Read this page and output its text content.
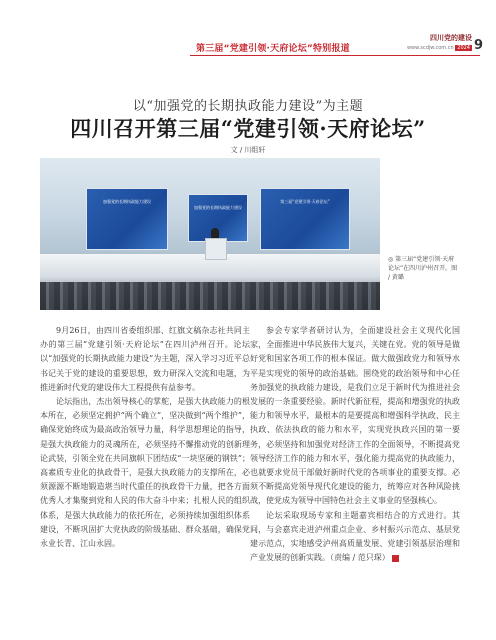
第三届“党建引领·天府论坛”特别报道
四川党的建设
www.scdjw.com.cn 2024 9
以“加强党的长期执政能力建设”为主题
四川召开第三届“党建引领·天府论坛”
文 / 川组轩
加强党的长期执政能力建设
加强党的长期执政能力建设
第三届“党建引领·天府论坛”
◎ 第三届“党建引领·天府论坛”在四川泸州召开。图 / 黄璐

9月26日，由四川省委组织部、红旗文稿杂志社共同主办的第三届“党建引领·天府论坛”在四川泸州召开。论坛以“加强党的长期执政能力建设”为主题，深入学习习近平总书记关于党的建设的重要思想，致力研深入交流和电题，为推进新时代党的建设伟大工程提供有益参考。

论坛指出，杰出领导核心的掌舵，是强大执政能力的根本所在，必须坚定拥护“两个确立”，坚决做到“两个维护”，确保党始终成为最高政治领导力量，科学思想理论的指导，是强大执政能力的灵魂所在，必须坚持不懈推动党的创新理论武装，引领全党在共同旗帜下团结成“一块坚硬的钢铁”；高素质专业化的执政骨干，是强大执政能力的支撑所在，必须源源不断地锻造堪当时代重任的执政骨干力量，把各方面优秀人才集聚到党和人民的伟大奋斗中来；扎根人民的组织体系，是强大执政能力的依托所在，必须持续加强组织体系建设，不断巩固扩大党执政的阶级基础、群众基础，确保党永业长青、江山永固。

参会专家学者研讨认为，全面建设社会主义现代化国家，全面推进中华民族伟大复兴，关键在党。党的领导是做好党和国家各项工作的根本保证。做大做强政党力和领导水平是实现党的领导的政治基础。围绕党的政治领导和中心任务加强党的执政能力建设，是我们立足于新时代为推进社会发展的一条重要经验。新时代新征程，提高和增强党的执政能力和领导水平，最根本的是要提高和增强科学执政、民主执政、依法执政的能力和水平，实现党执政兴国的第一要务，必须坚持和加强党对经济工作的全面领导，不断提高党领导经济工作的能力和水平，强化能力提高党的执政能力，也就要求党员干部做好新时代党的各项事业的重要支撑。必须不断提高党领导现代化建设的能力，统筹应对各种风险挑战，使党成为领导中国特色社会主义事业的坚强核心。

论坛采取现场专家和主题嘉宾相结合的方式进行。其间，与会嘉宾走进泸州重点企业、乡村振兴示范点、基层党建示范点，实地感受泸州高质量发展、党建引领基层治理和产业发展的创新实践。（责编 / 范只琛）
